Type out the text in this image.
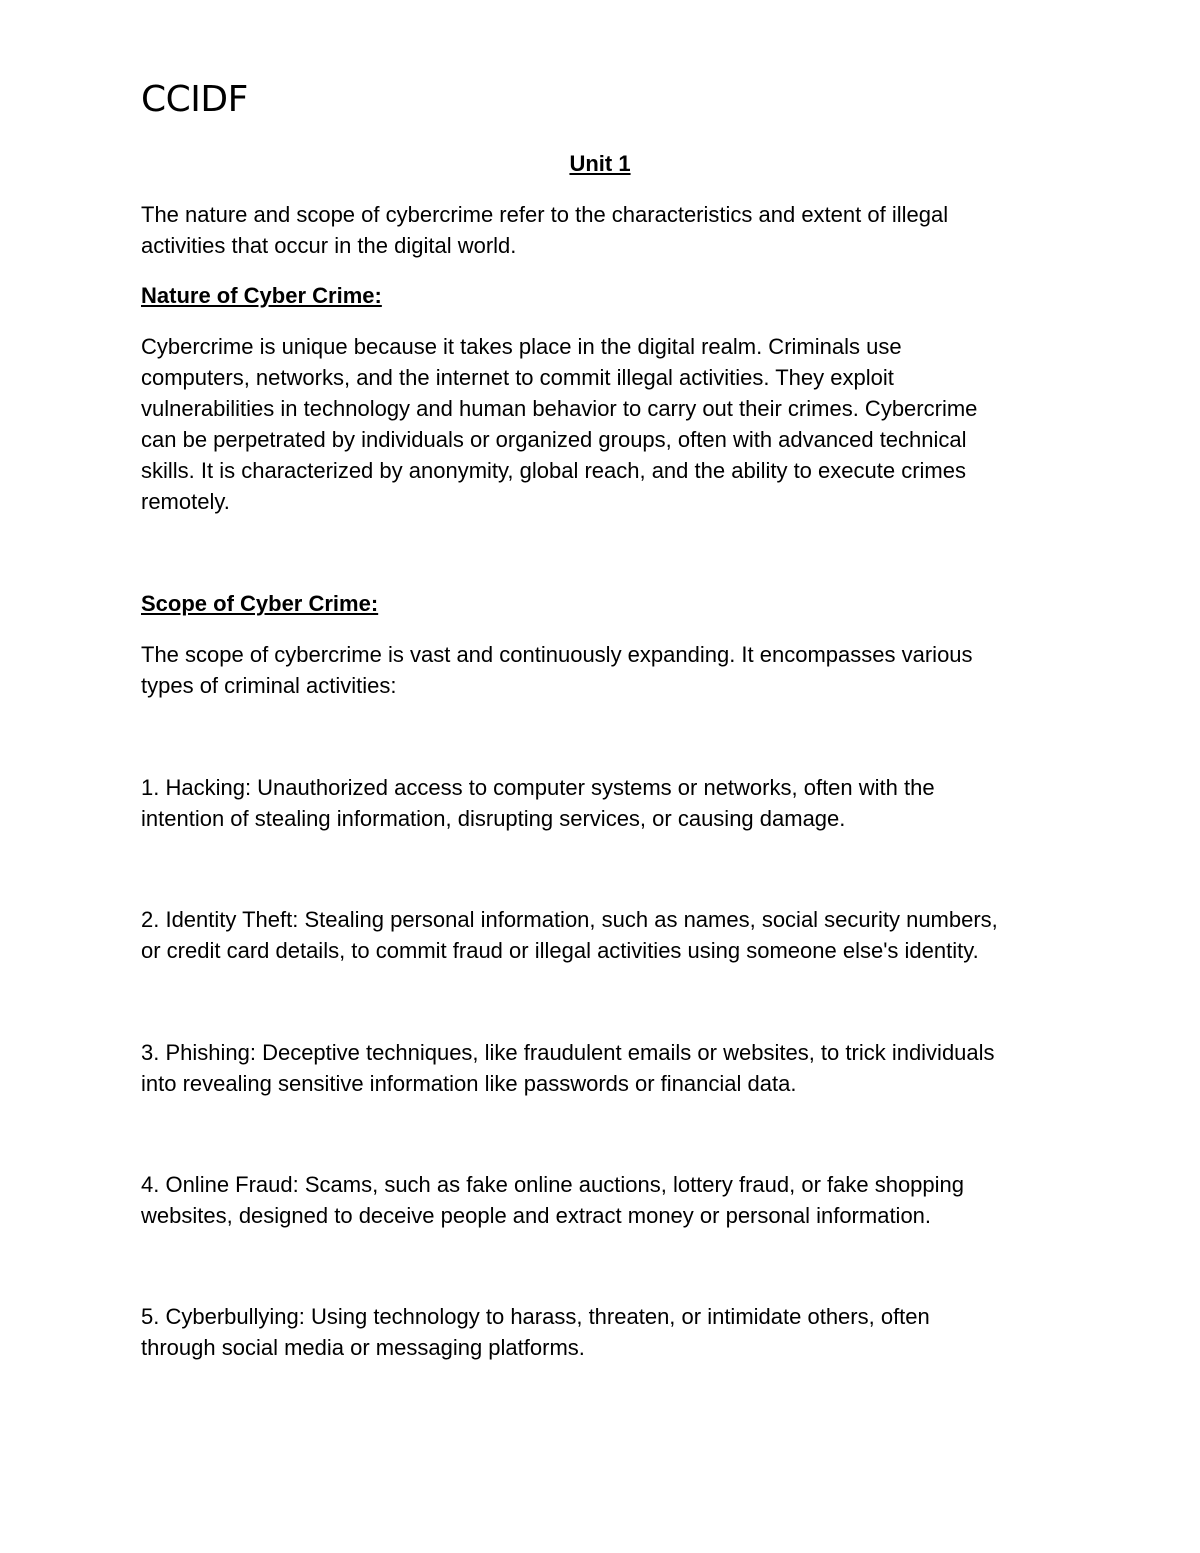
CCIDF
Unit 1

The nature and scope of cybercrime refer to the characteristics and extent of illegal
activities that occur in the digital world.

Nature of Cyber Crime:

Cybercrime is unique because it takes place in the digital realm. Criminals use
computers, networks, and the internet to commit illegal activities. They exploit
vulnerabilities in technology and human behavior to carry out their crimes. Cybercrime
can be perpetrated by individuals or organized groups, often with advanced technical
skills. It is characterized by anonymity, global reach, and the ability to execute crimes
remotely.

Scope of Cyber Crime:

The scope of cybercrime is vast and continuously expanding. It encompasses various
types of criminal activities:

1. Hacking: Unauthorized access to computer systems or networks, often with the
intention of stealing information, disrupting services, or causing damage.

2. Identity Theft: Stealing personal information, such as names, social security numbers,
or credit card details, to commit fraud or illegal activities using someone else's identity.

3. Phishing: Deceptive techniques, like fraudulent emails or websites, to trick individuals
into revealing sensitive information like passwords or financial data.

4. Online Fraud: Scams, such as fake online auctions, lottery fraud, or fake shopping
websites, designed to deceive people and extract money or personal information.

5. Cyberbullying: Using technology to harass, threaten, or intimidate others, often
through social media or messaging platforms.
